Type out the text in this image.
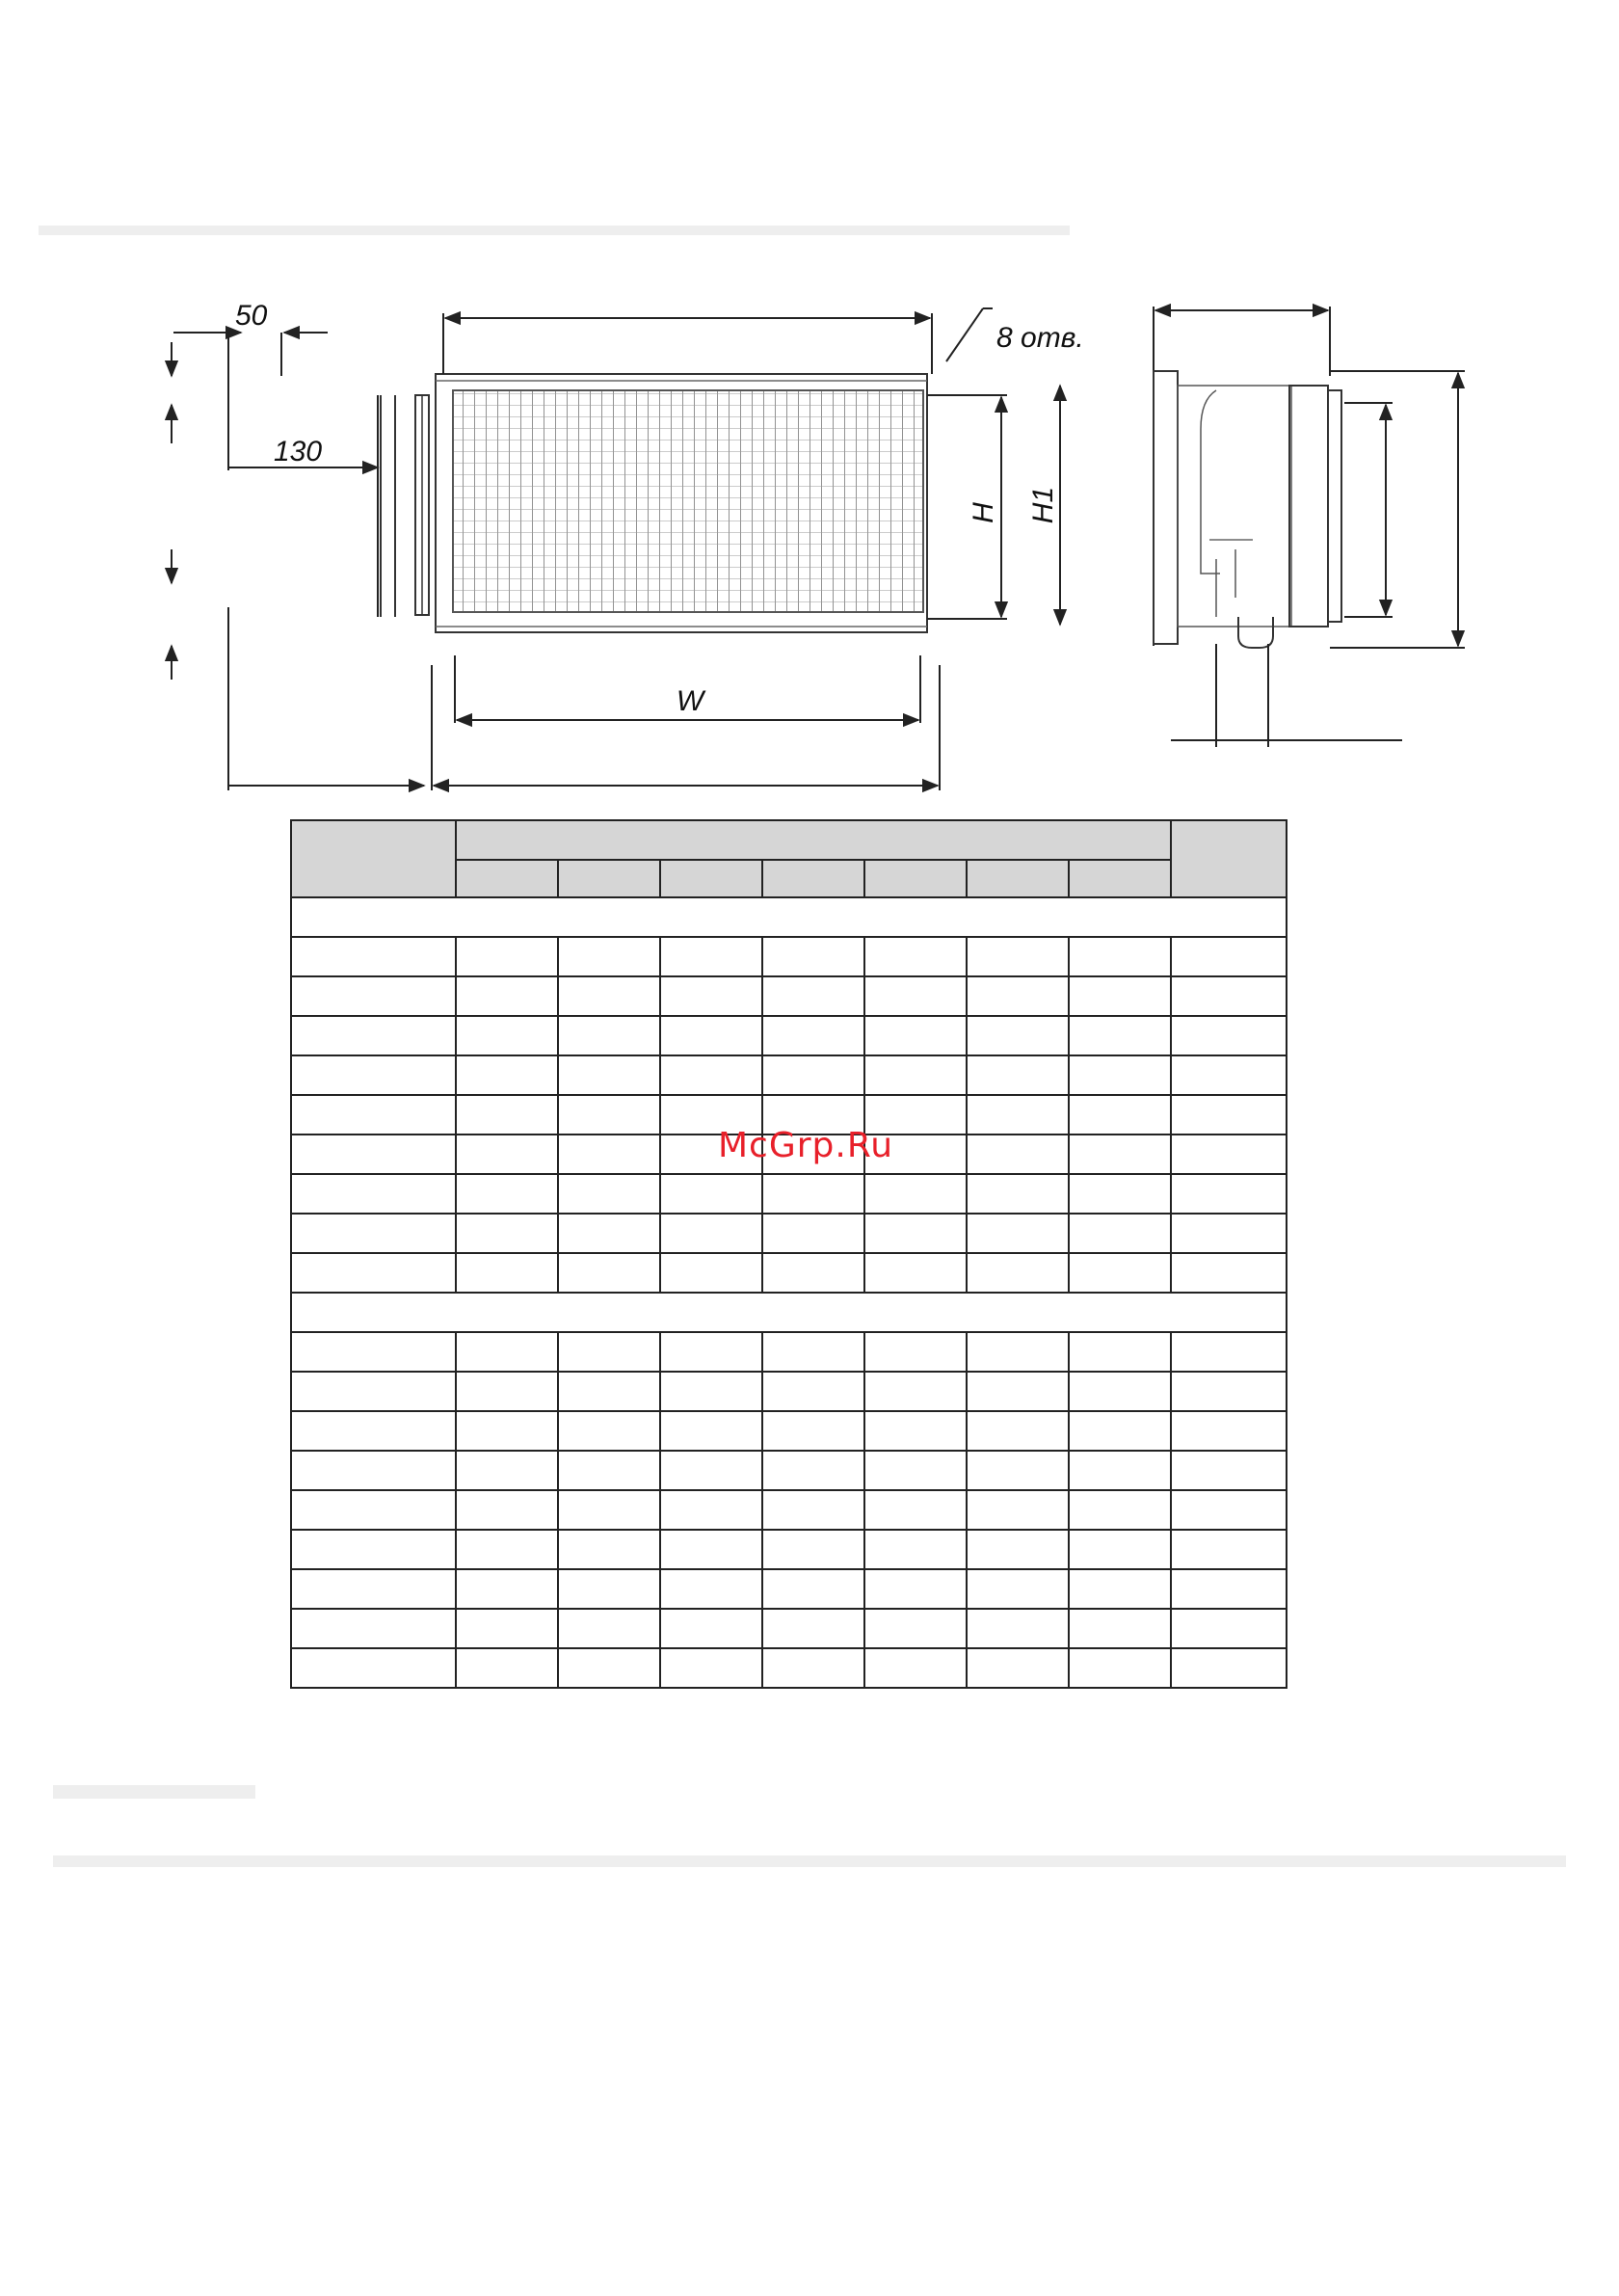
50
130
8 отв.
H H1
W

McGrp.Ru
